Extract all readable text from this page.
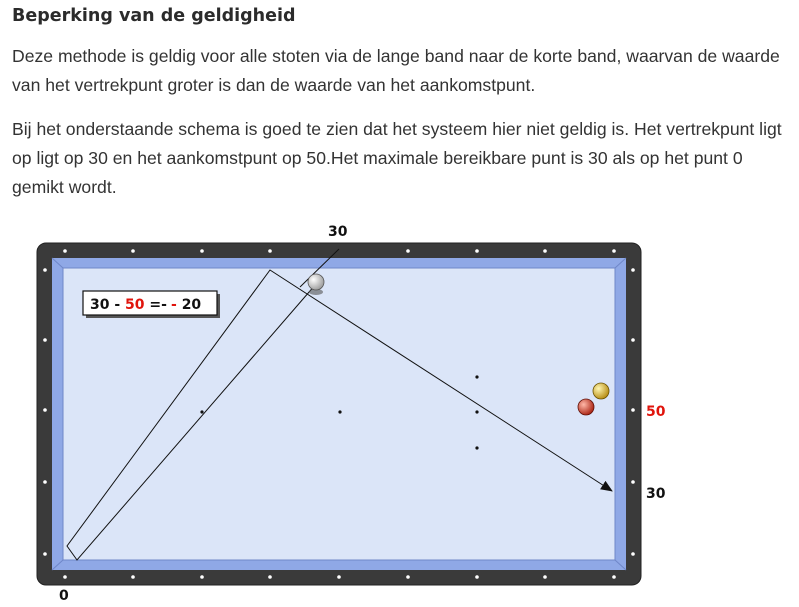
Beperking van de geldigheid

Deze methode is geldig voor alle stoten via de lange band naar de korte band, waarvan de waarde van het vertrekpunt groter is dan de waarde van het aankomstpunt.

Bij het onderstaande schema is goed te zien dat het systeem hier niet geldig is. Het vertrekpunt ligt op ligt op 30 en het aankomstpunt op 50.Het maximale bereikbare punt is 30 als op het punt 0 gemikt wordt.

30 - 50 =- - 20
30
50
30
0
